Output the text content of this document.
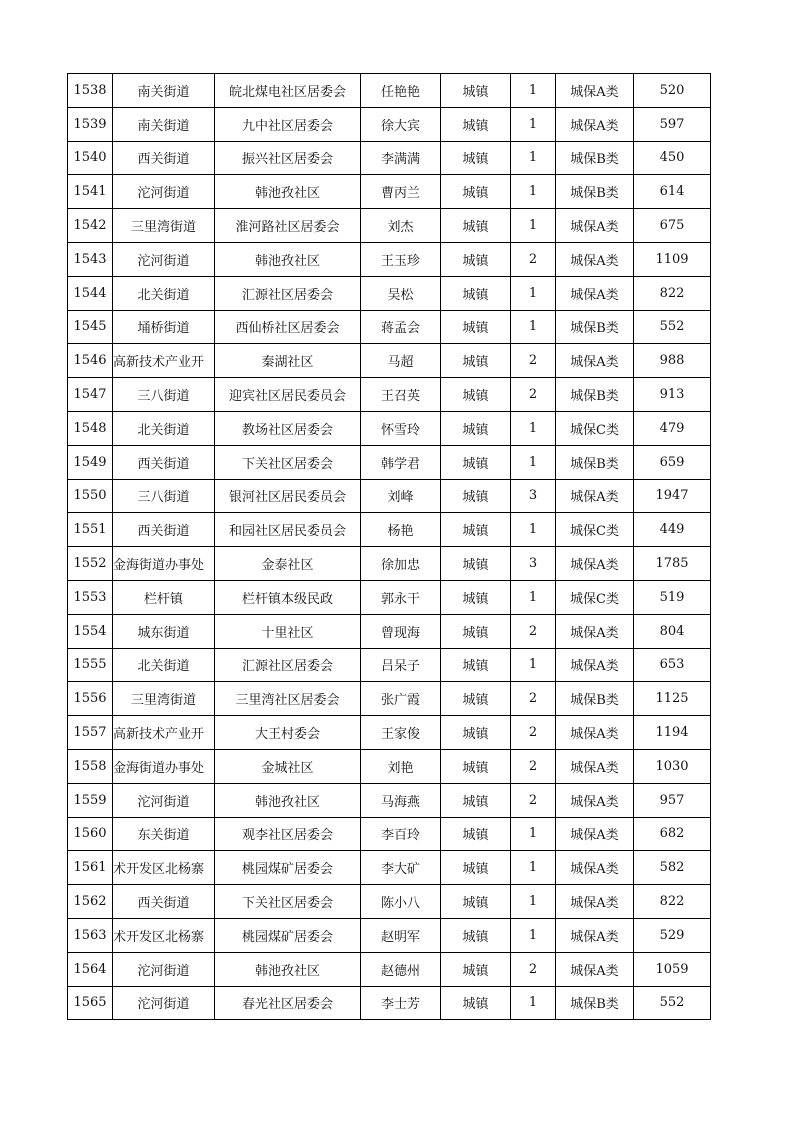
1538	南关街道	皖北煤电社区居委会	任艳艳	城镇	1	城保A类	520
1539	南关街道	九中社区居委会	徐大宾	城镇	1	城保A类	597
1540	西关街道	振兴社区居委会	李满满	城镇	1	城保B类	450
1541	沱河街道	韩池孜社区	曹丙兰	城镇	1	城保B类	614
1542	三里湾街道	淮河路社区居委会	刘杰	城镇	1	城保A类	675
1543	沱河街道	韩池孜社区	王玉珍	城镇	2	城保A类	1109
1544	北关街道	汇源社区居委会	吴松	城镇	1	城保A类	822
1545	埇桥街道	西仙桥社区居委会	蒋孟会	城镇	1	城保B类	552
1546	高新技术产业开	秦湖社区	马超	城镇	2	城保A类	988
1547	三八街道	迎宾社区居民委员会	王召英	城镇	2	城保B类	913
1548	北关街道	教场社区居委会	怀雪玲	城镇	1	城保C类	479
1549	西关街道	下关社区居委会	韩学君	城镇	1	城保B类	659
1550	三八街道	银河社区居民委员会	刘峰	城镇	3	城保A类	1947
1551	西关街道	和园社区居民委员会	杨艳	城镇	1	城保C类	449
1552	金海街道办事处	金泰社区	徐加忠	城镇	3	城保A类	1785
1553	栏杆镇	栏杆镇本级民政	郭永干	城镇	1	城保C类	519
1554	城东街道	十里社区	曾现海	城镇	2	城保A类	804
1555	北关街道	汇源社区居委会	吕呆子	城镇	1	城保A类	653
1556	三里湾街道	三里湾社区居委会	张广霞	城镇	2	城保B类	1125
1557	高新技术产业开	大王村委会	王家俊	城镇	2	城保A类	1194
1558	金海街道办事处	金城社区	刘艳	城镇	2	城保A类	1030
1559	沱河街道	韩池孜社区	马海燕	城镇	2	城保A类	957
1560	东关街道	观李社区居委会	李百玲	城镇	1	城保A类	682
1561	术开发区北杨寨	桃园煤矿居委会	李大矿	城镇	1	城保A类	582
1562	西关街道	下关社区居委会	陈小八	城镇	1	城保A类	822
1563	术开发区北杨寨	桃园煤矿居委会	赵明军	城镇	1	城保A类	529
1564	沱河街道	韩池孜社区	赵德州	城镇	2	城保A类	1059
1565	沱河街道	春光社区居委会	李士芳	城镇	1	城保B类	552
